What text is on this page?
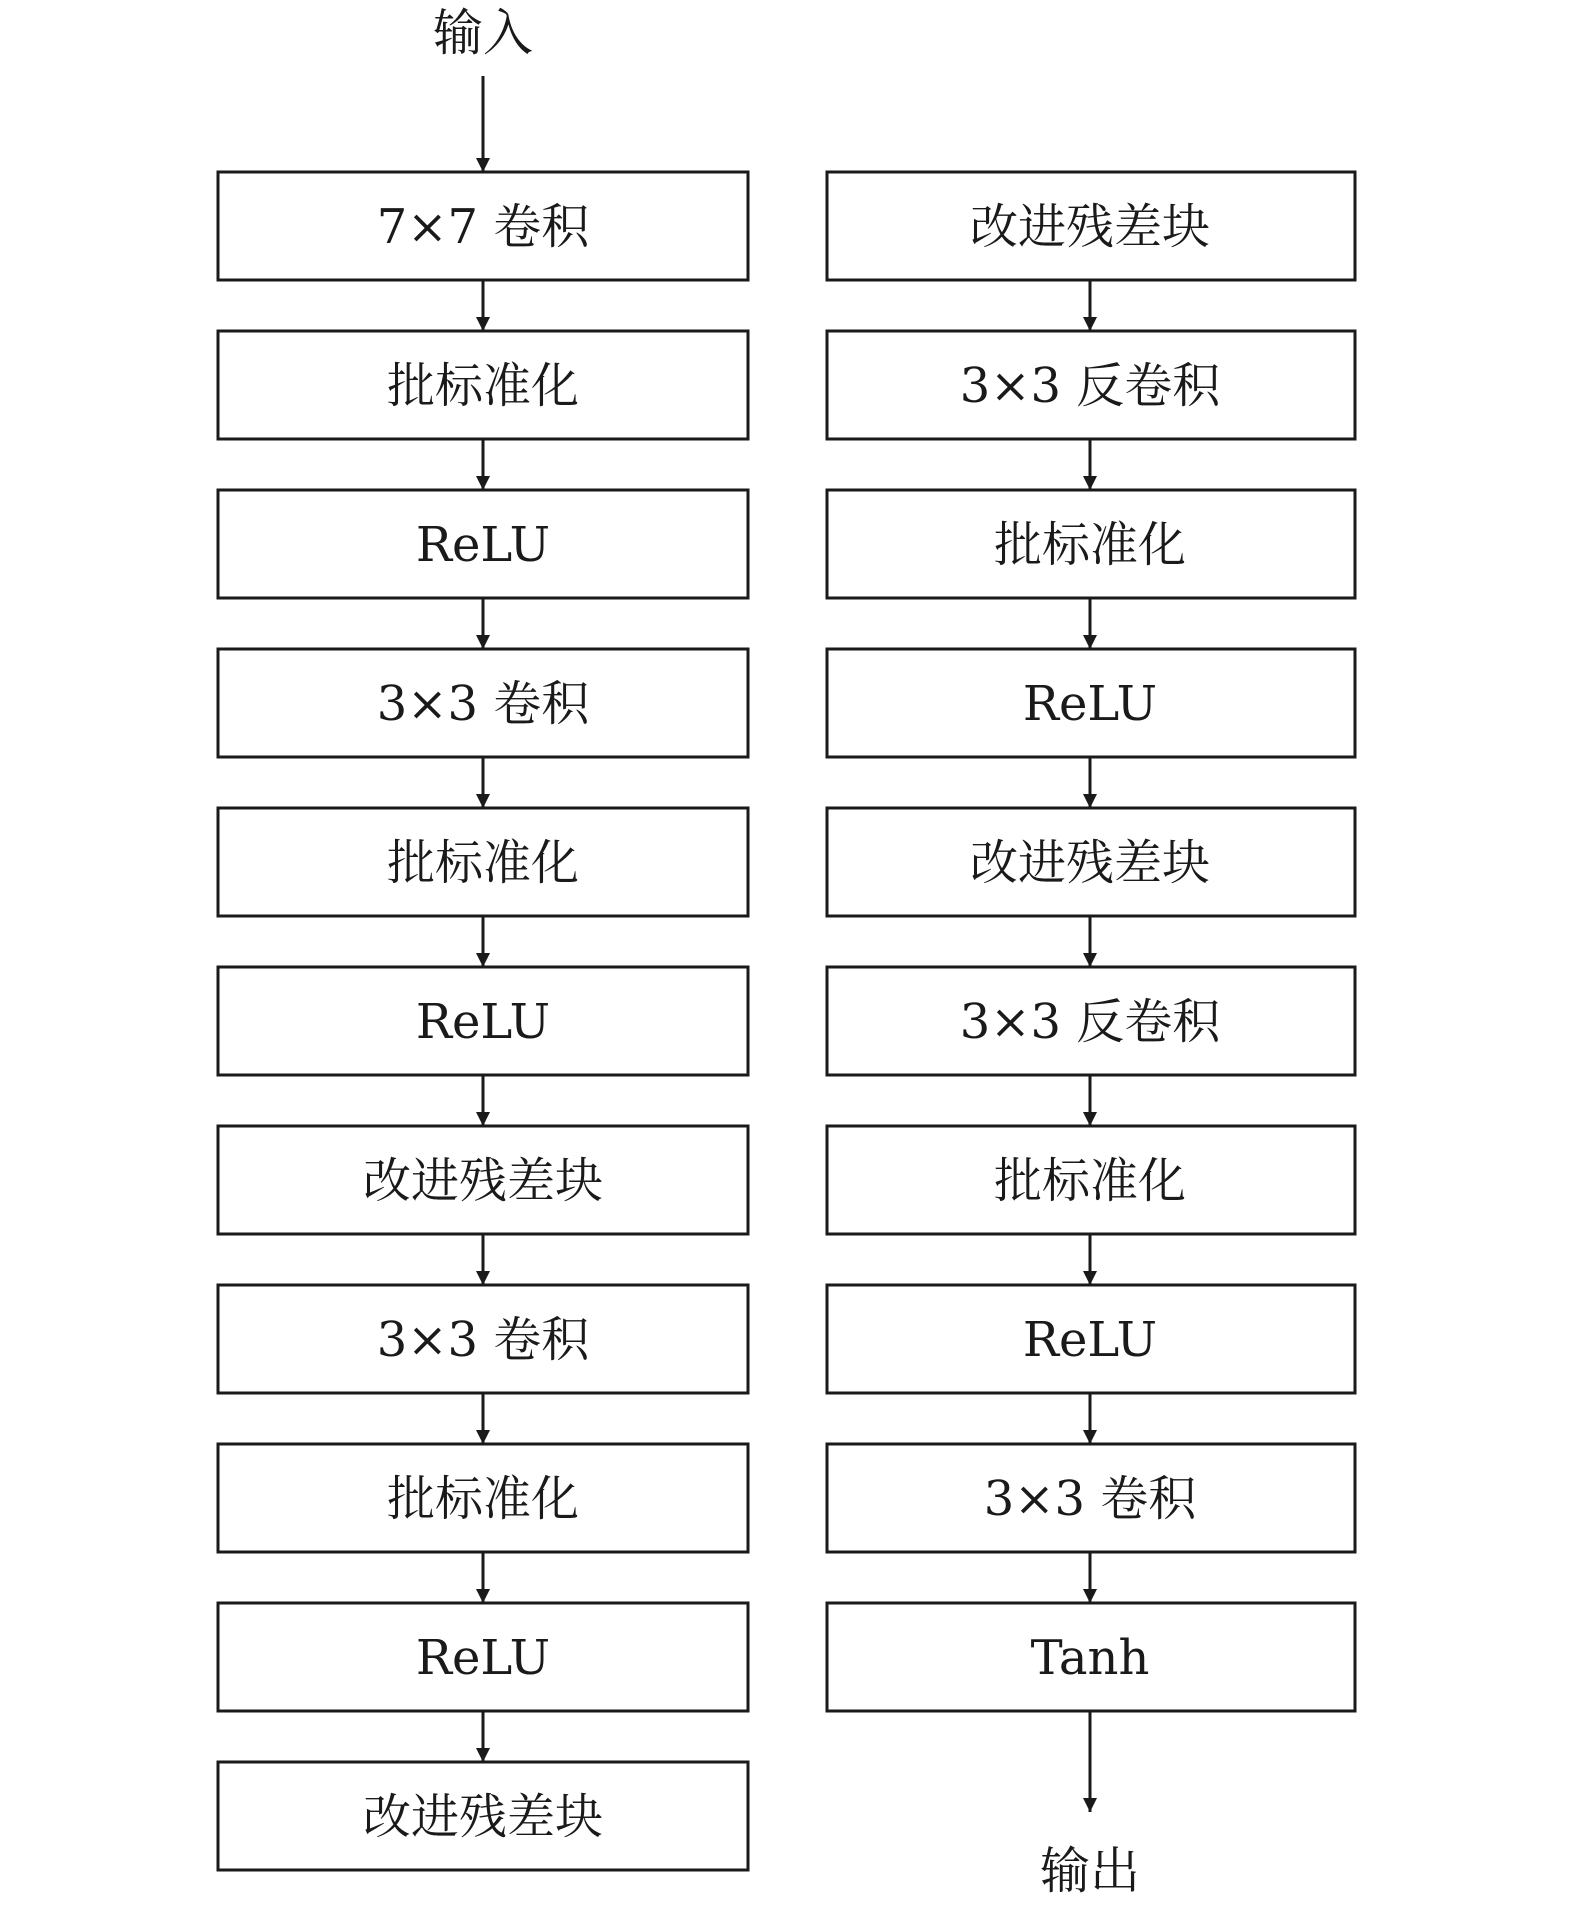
输入
输出
7×7 卷积
批标准化
ReLU
3×3 卷积
批标准化
ReLU
改进残差块
3×3 卷积
批标准化
ReLU
改进残差块
改进残差块
3×3 反卷积
批标准化
ReLU
改进残差块
3×3 反卷积
批标准化
ReLU
3×3 卷积
Tanh
